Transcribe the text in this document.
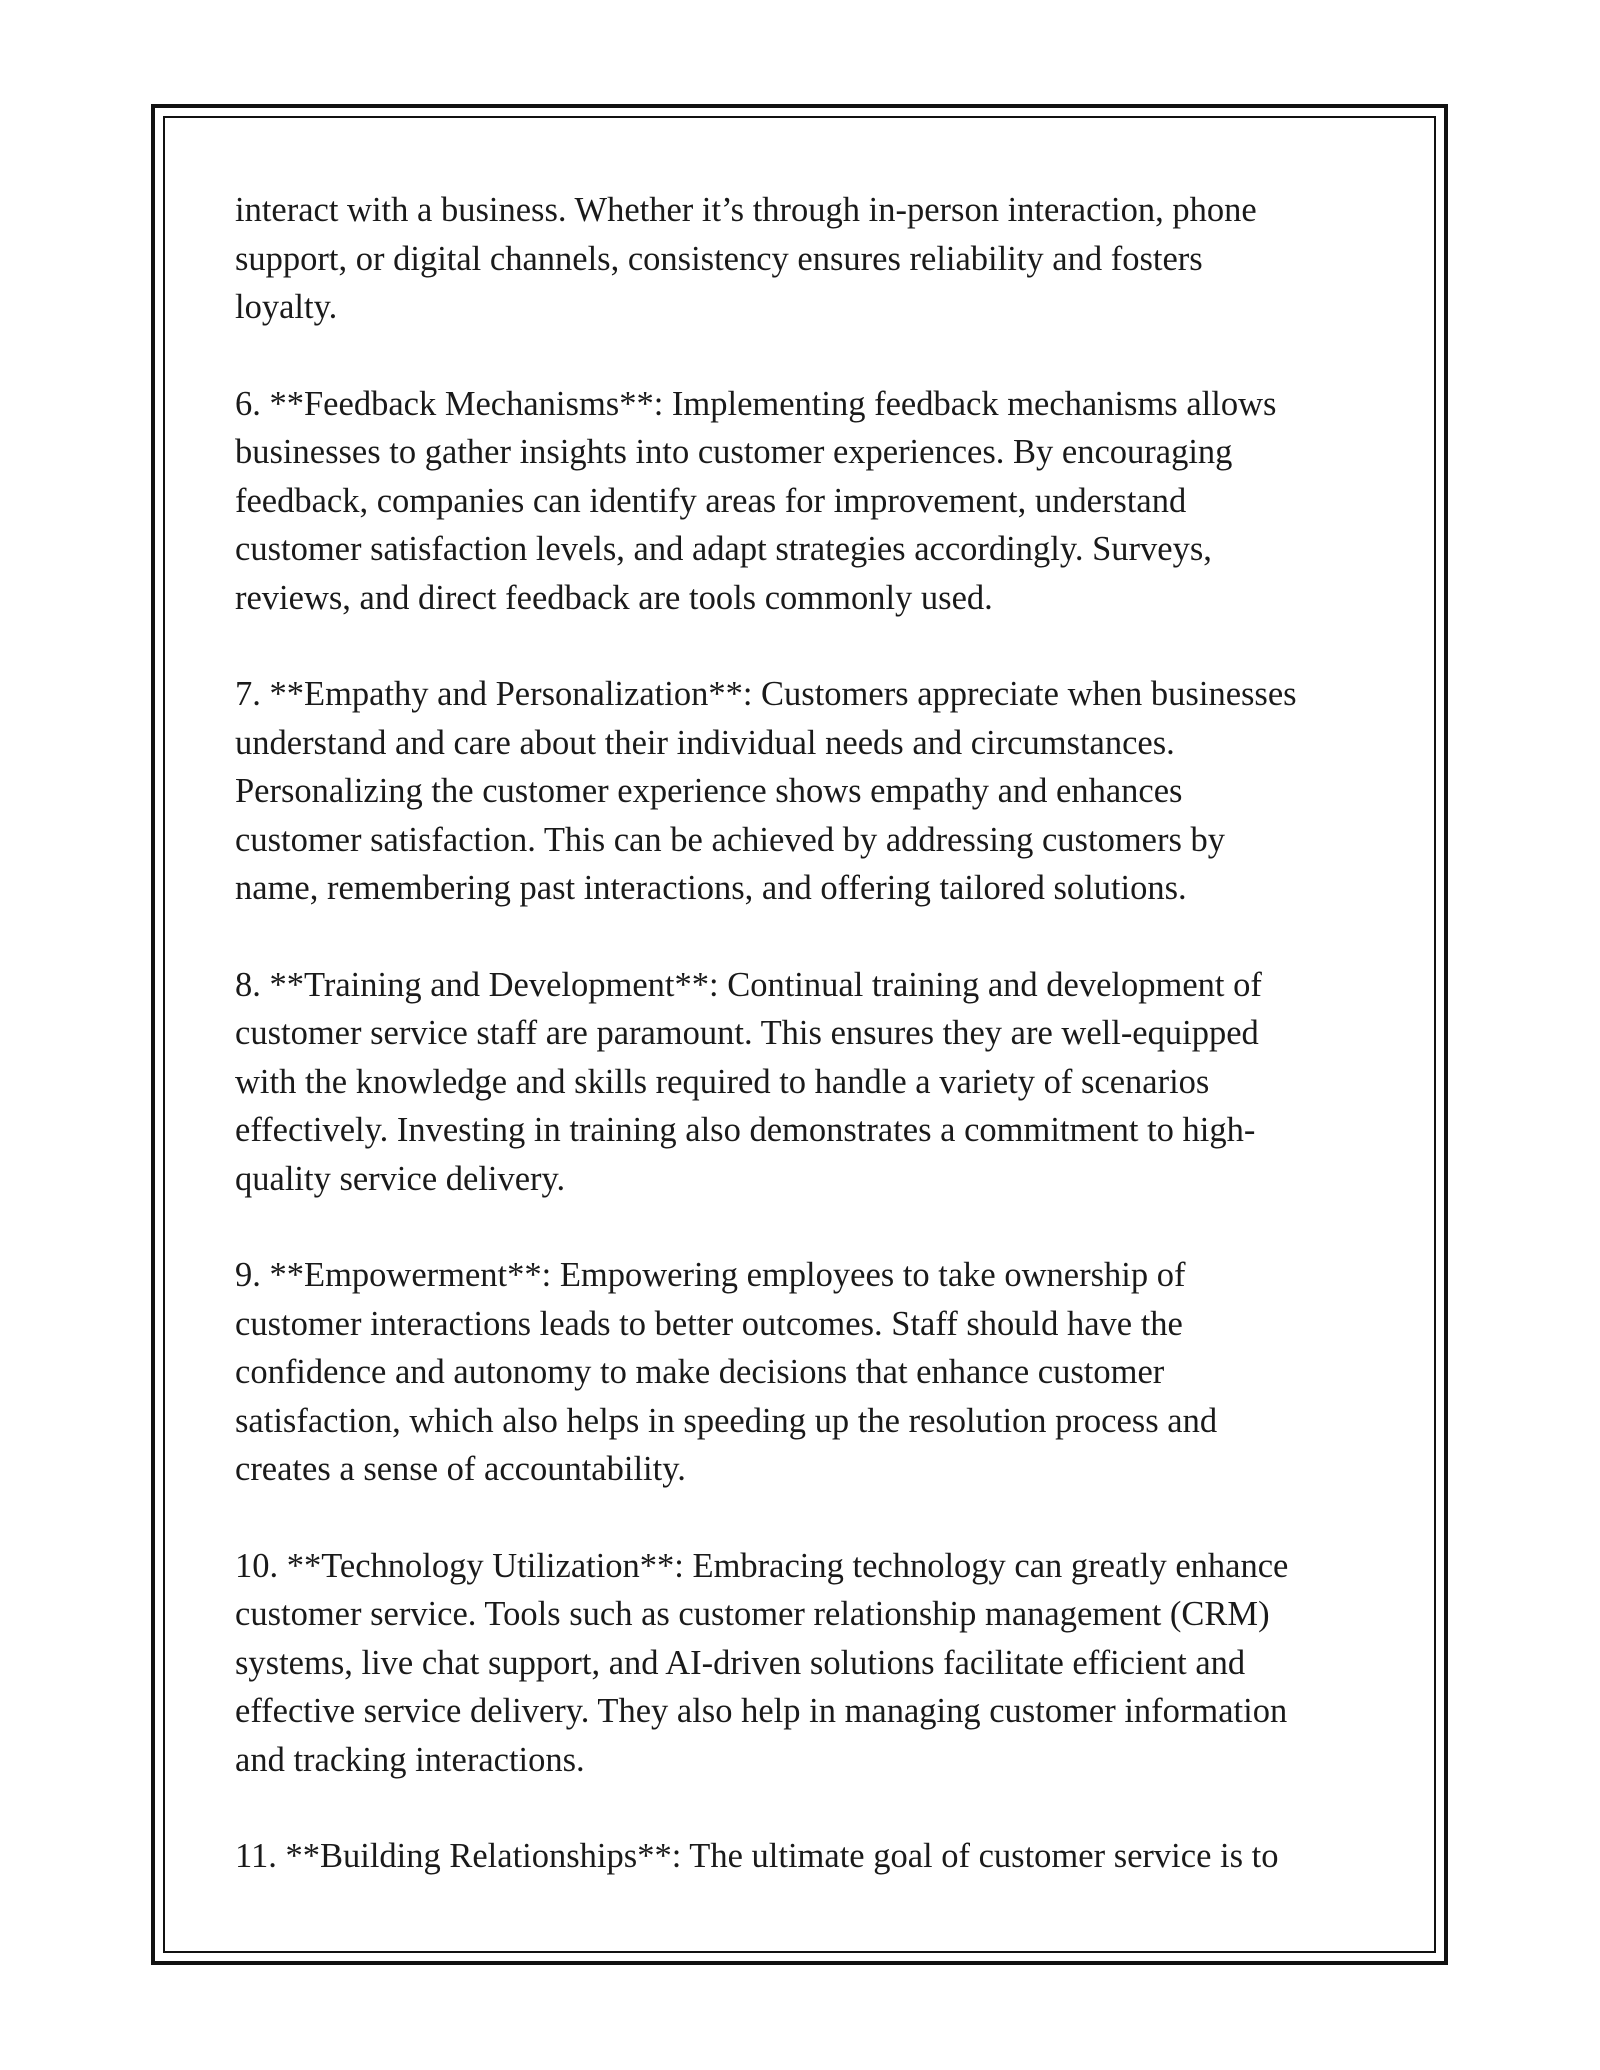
interact with a business. Whether it’s through in-person interaction, phone
support, or digital channels, consistency ensures reliability and fosters
loyalty.

6. **Feedback Mechanisms**: Implementing feedback mechanisms allows
businesses to gather insights into customer experiences. By encouraging
feedback, companies can identify areas for improvement, understand
customer satisfaction levels, and adapt strategies accordingly. Surveys,
reviews, and direct feedback are tools commonly used.

7. **Empathy and Personalization**: Customers appreciate when businesses
understand and care about their individual needs and circumstances.
Personalizing the customer experience shows empathy and enhances
customer satisfaction. This can be achieved by addressing customers by
name, remembering past interactions, and offering tailored solutions.

8. **Training and Development**: Continual training and development of
customer service staff are paramount. This ensures they are well-equipped
with the knowledge and skills required to handle a variety of scenarios
effectively. Investing in training also demonstrates a commitment to high-
quality service delivery.

9. **Empowerment**: Empowering employees to take ownership of
customer interactions leads to better outcomes. Staff should have the
confidence and autonomy to make decisions that enhance customer
satisfaction, which also helps in speeding up the resolution process and
creates a sense of accountability.

10. **Technology Utilization**: Embracing technology can greatly enhance
customer service. Tools such as customer relationship management (CRM)
systems, live chat support, and AI-driven solutions facilitate efficient and
effective service delivery. They also help in managing customer information
and tracking interactions.

11. **Building Relationships**: The ultimate goal of customer service is to
